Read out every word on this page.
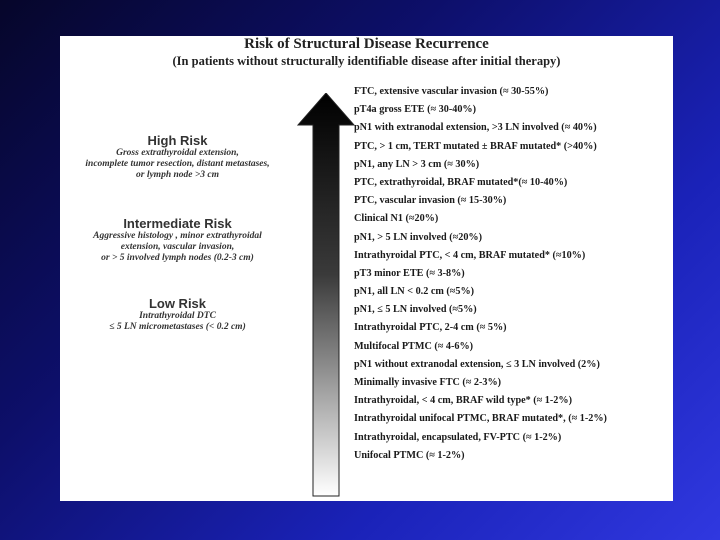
Risk of Structural Disease Recurrence
(In patients without structurally identifiable disease after initial therapy)
High Risk
Gross extrathyroidal extension,
incomplete tumor resection, distant metastases,
or lymph node >3 cm
Intermediate Risk
Aggressive histology , minor extrathyroidal
extension, vascular invasion,
or > 5 involved lymph nodes (0.2-3 cm)
Low Risk
Intrathyroidal DTC
≤ 5 LN micrometastases (< 0.2 cm)
FTC, extensive vascular invasion (≈ 30-55%)
pT4a gross ETE (≈ 30-40%)
pN1 with extranodal extension, >3 LN involved (≈ 40%)
PTC, > 1 cm, TERT mutated ± BRAF mutated* (>40%)
pN1, any LN > 3 cm (≈ 30%)
PTC, extrathyroidal, BRAF mutated*(≈ 10-40%)
PTC, vascular invasion (≈ 15-30%)
Clinical N1 (≈20%)
pN1, > 5 LN involved (≈20%)
Intrathyroidal PTC, < 4 cm, BRAF mutated* (≈10%)
pT3 minor ETE (≈ 3-8%)
pN1, all LN < 0.2 cm (≈5%)
pN1, ≤ 5 LN involved (≈5%)
Intrathyroidal PTC, 2-4 cm (≈ 5%)
Multifocal PTMC (≈ 4-6%)
pN1 without extranodal extension, ≤ 3 LN involved (2%)
Minimally invasive FTC (≈ 2-3%)
Intrathyroidal, < 4 cm, BRAF wild type* (≈ 1-2%)
Intrathyroidal unifocal PTMC, BRAF mutated*, (≈ 1-2%)
Intrathyroidal, encapsulated, FV-PTC (≈ 1-2%)
Unifocal PTMC (≈ 1-2%)
